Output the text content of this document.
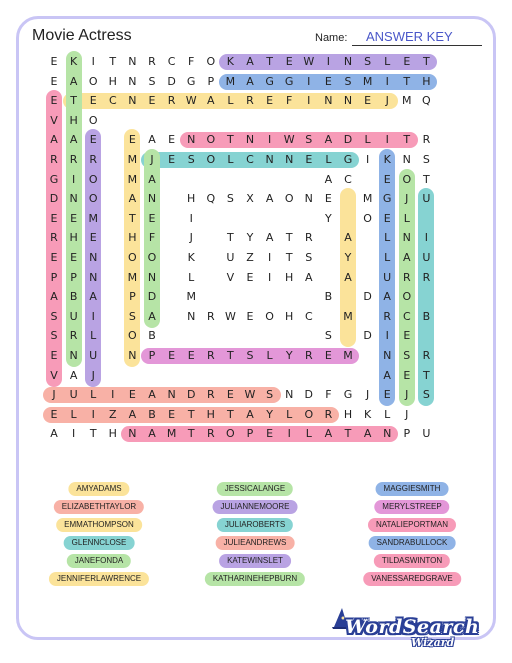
Movie Actress	Name:	ANSWER KEY
E	K	I	T	N	R	C	F	O	K	A	T	E W	I	N	S	L	E	T
E	A	O	H	N	S	D	G	P	M	A	G	G	I	E	S	M	I	T	H
E	T	E	C	N	E	R W A	L	R	E	F	I	N	N	E	J	M Q
V	H	O
A	A	E	E	A	E	N	O	T	N	I	W S	A	D	L	I	T	R
R	R	R	M	J	E	S	O	L	C	N	N	E	L	G	I	K	N	S
G	I	O	M	A	A	C	E	O	T
D	N	O	A	N	H	Q	S	X	A	O	N	E	M G	J	U
E	E	M	T	E	I	Y	O	E	L
R	H	E	H	F	J	T	Y	A	T	R	A	L	N	I
E	E	N	O O	K	U	Z	I	T	S	Y	L	A	U
P	P	N	M N	L	V	E	I	H	A	A	U	R	R
A	B	A	P	D	M	B	D	A	O
S	U	I	S	A	N	R W E	O	H	C	M	R	C	B
S	R	L	O	B	S	D	I	E
E	N	U	N	P	E	E	R	T	S	L	Y	R	E	M	N	S	R
V	A	J	A	E	T
J	U	L	I	E	A	N	D	R	E W S	N	D	F	G	J	E	J	S
E	L	I	Z	A	B	E	T	H	T	A	Y	L	O	R	H	K	L	J
A	I	T	H	N	A	M	T	R	O	P	E	I	L	A	T	A	N	P	U
AMYADAMS
ELIZABETHTAYLOR
EMMATHOMPSON
GLENNCLOSE
JANEFONDA
JENNIFERLAWRENCE
JESSICALANGE
JULIANNEMOORE
JULIAROBERTS
JULIEANDREWS
KATEWINSLET
KATHARINEHEPBURN
MAGGIESMITH
MERYLSTREEP
NATALIEPORTMAN
SANDRABULLOCK
TILDASWINTON
VANESSAREDGRAVE
WordSearch
Wizard
